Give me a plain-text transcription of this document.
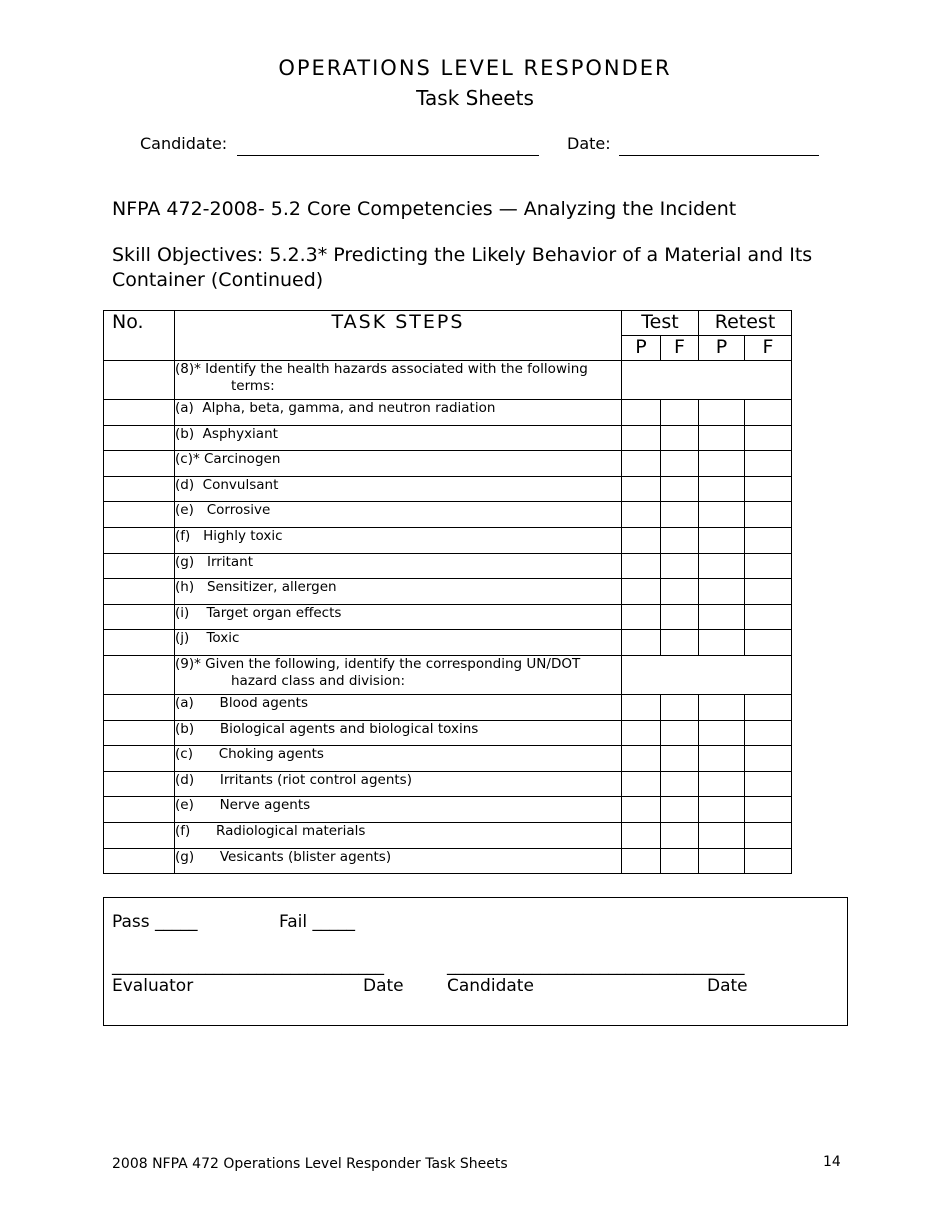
OPERATIONS LEVEL RESPONDER
Task Sheets
Candidate:	Date:
NFPA 472-2008- 5.2 Core Competencies — Analyzing the Incident
Skill Objectives: 5.2.3* Predicting the Likely Behavior of a Material and Its Container (Continued)
No.	TASK STEPS	Test		Retest	
		P	F	P	F

	(8)* Identify the health hazards associated with the following
terms:				

	(a)  Alpha, beta, gamma, and neutron radiation				
	(b)  Asphyxiant				
	(c)* Carcinogen				
	(d)  Convulsant				
	(e)   Corrosive				
	(f)   Highly toxic				
	(g)   Irritant				
	(h)   Sensitizer, allergen				
	(i)    Target organ effects				
	(j)    Toxic				

	(9)* Given the following, identify the corresponding UN/DOT
hazard class and division:				

	(a)      Blood agents				
	(b)      Biological agents and biological toxins				
	(c)      Choking agents				
	(d)      Irritants (riot control agents)				
	(e)      Nerve agents				
	(f)      Radiological materials				
	(g)      Vesicants (blister agents)				
Pass _____	Fail _____
________________________________	___________________________________
Evaluator	Date	Candidate	Date
2008 NFPA 472 Operations Level Responder Task Sheets	14
